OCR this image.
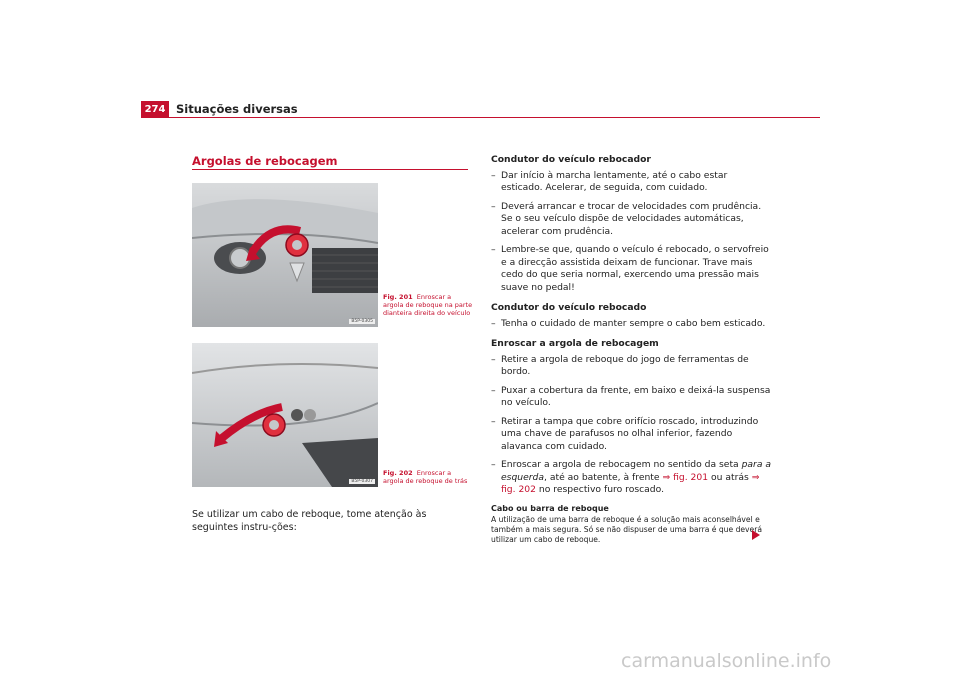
274 Situações diversas
Argolas de rebocagem
B5P-0305
Fig. 201 Enroscar a argola de reboque na parte dianteira direita do veículo
B5P-0307
Fig. 202 Enroscar a argola de reboque de trás
Se utilizar um cabo de reboque, tome atenção às seguintes instru-ções:
Condutor do veículo rebocador
– Dar início à marcha lentamente, até o cabo estar esticado. Acelerar, de seguida, com cuidado.
– Deverá arrancar e trocar de velocidades com prudência. Se o seu veículo dispõe de velocidades automáticas, acelerar com prudência.
– Lembre-se que, quando o veículo é rebocado, o servofreio e a direcção assistida deixam de funcionar. Trave mais cedo do que seria normal, exercendo uma pressão mais suave no pedal!
Condutor do veículo rebocado
– Tenha o cuidado de manter sempre o cabo bem esticado.
Enroscar a argola de rebocagem
– Retire a argola de reboque do jogo de ferramentas de bordo.
– Puxar a cobertura da frente, em baixo e deixá-la suspensa no veículo.
– Retirar a tampa que cobre orifício roscado, introduzindo uma chave de parafusos no olhal inferior, fazendo alavanca com cuidado.
– Enroscar a argola de rebocagem no sentido da seta para a esquerda, até ao batente, à frente ⇒ fig. 201 ou atrás ⇒ fig. 202 no respectivo furo roscado.
Cabo ou barra de reboque
A utilização de uma barra de reboque é a solução mais aconselhável e também a mais segura. Só se não dispuser de uma barra é que deverá utilizar um cabo de reboque.
carmanualsonline.info
